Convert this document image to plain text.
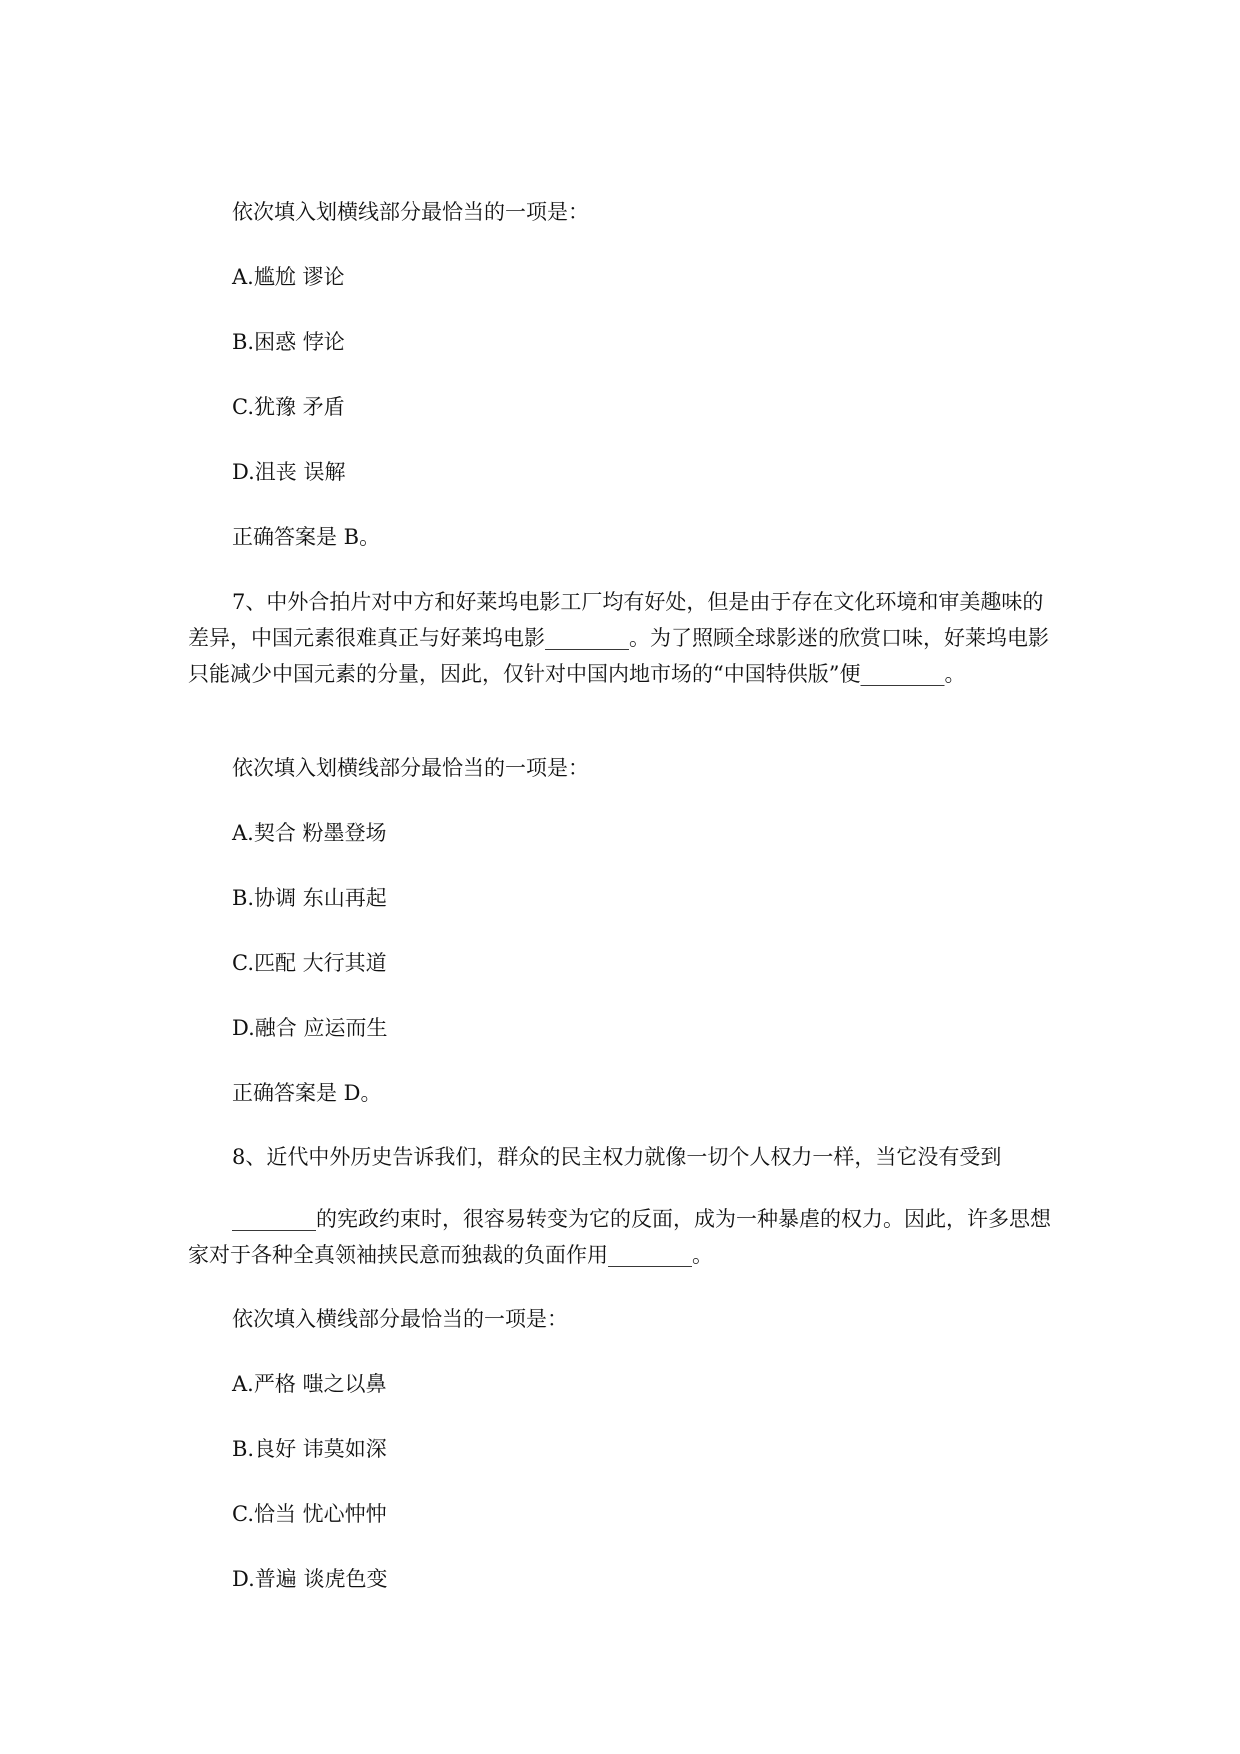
依次填入划横线部分最恰当的一项是：
A.尴尬 谬论
B.困惑 悖论
C.犹豫 矛盾
D.沮丧 误解
正确答案是 B。
7、中外合拍片对中方和好莱坞电影工厂均有好处，但是由于存在文化环境和审美趣味的差异，中国元素很难真正与好莱坞电影________。为了照顾全球影迷的欣赏口味，好莱坞电影只能减少中国元素的分量，因此，仅针对中国内地市场的“中国特供版”便________。
依次填入划横线部分最恰当的一项是：
A.契合 粉墨登场
B.协调 东山再起
C.匹配 大行其道
D.融合 应运而生
正确答案是 D。
8、近代中外历史告诉我们，群众的民主权力就像一切个人权力一样，当它没有受到
________的宪政约束时，很容易转变为它的反面，成为一种暴虐的权力。因此，许多思想家对于各种全真领袖挟民意而独裁的负面作用________。
依次填入横线部分最恰当的一项是：
A.严格 嗤之以鼻
B.良好 讳莫如深
C.恰当 忧心忡忡
D.普遍 谈虎色变
